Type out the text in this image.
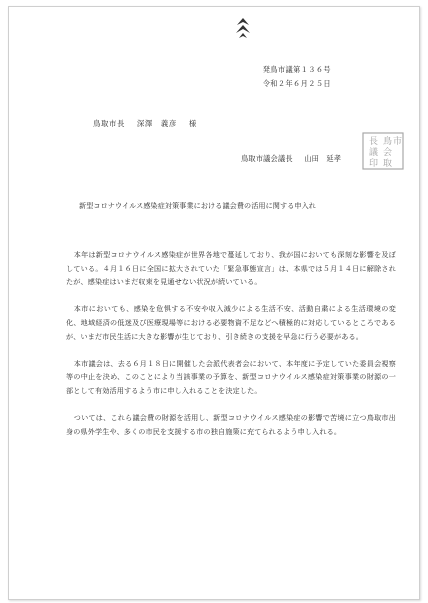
発鳥市議第１３６号
令和２年６月２５日
鳥取市長 深澤　義彦 様
鳥取市議会議長 山田　延孝
長
議
印
鳥
会
取
市
新型コロナウイルス感染症対策事業における議会費の活用に関する申入れ

本年は新型コロナウイルス感染症が世界各地で蔓延しており、我が国においても深刻な影響を及ぼしている。４月１６日に全国に拡大されていた「緊急事態宣言」は、本県では５月１４日に解除されたが、感染症はいまだ収束を見通せない状況が続いている。

本市においても、感染を危惧する不安や収入減少による生活不安、活動自粛による生活環境の変化、地域経済の低迷及び医療現場等における必要物資不足などへ積極的に対応しているところであるが、いまだ市民生活に大きな影響が生じており、引き続きの支援を早急に行う必要がある。

本市議会は、去る６月１８日に開催した会派代表者会において、本年度に予定していた委員会視察等の中止を決め、このことにより当該事業の予算を、新型コロナウイルス感染症対策事業の財源の一部として有効活用するよう市に申し入れることを決定した。

ついては、これら議会費の財源を活用し、新型コロナウイルス感染症の影響で苦境に立つ鳥取市出身の県外学生や、多くの市民を支援する市の独自施策に充てられるよう申し入れる。
